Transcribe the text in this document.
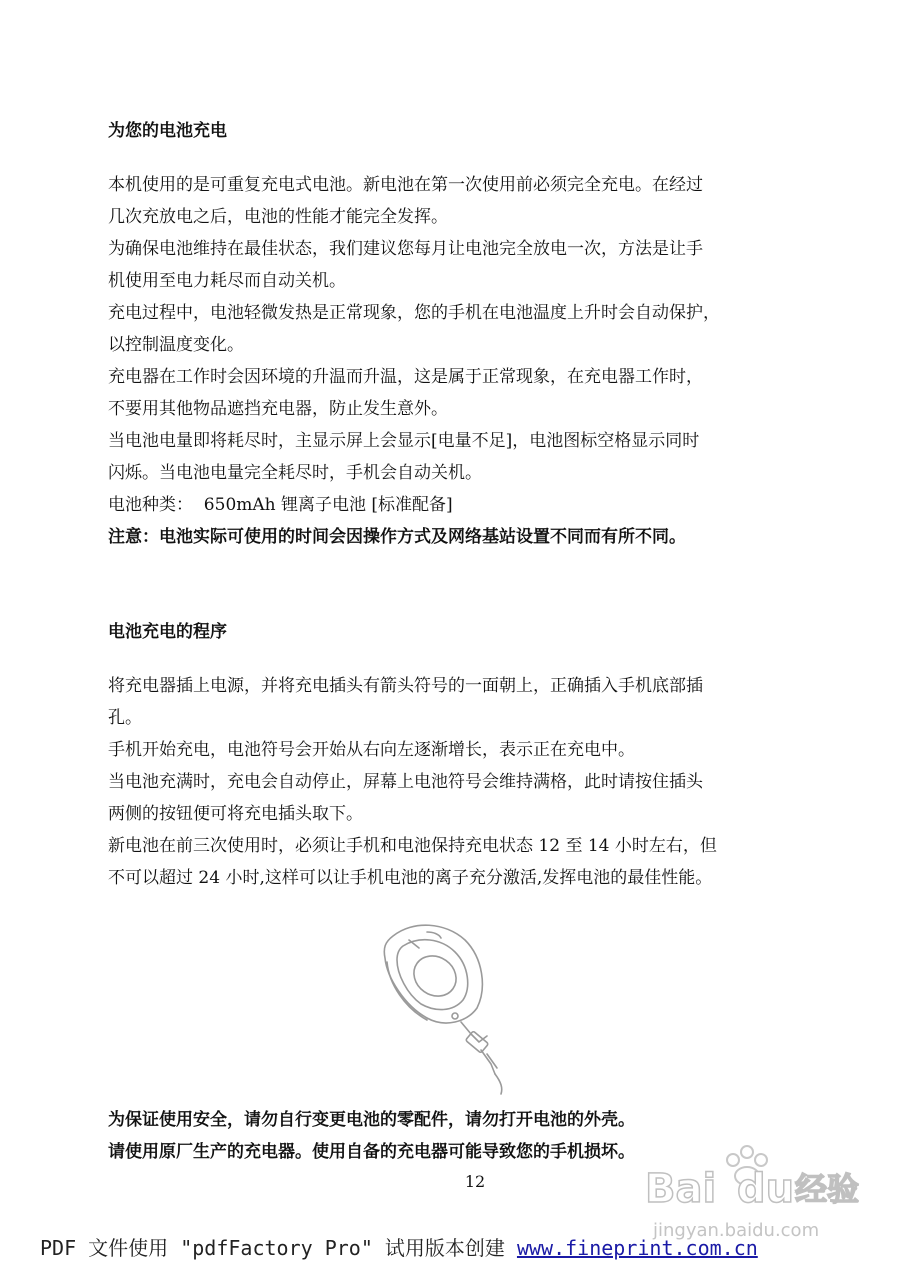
为您的电池充电
本机使用的是可重复充电式电池。新电池在第一次使用前必须完全充电。在经过
几次充放电之后，电池的性能才能完全发挥。
为确保电池维持在最佳状态，我们建议您每月让电池完全放电一次，方法是让手
机使用至电力耗尽而自动关机。
充电过程中，电池轻微发热是正常现象，您的手机在电池温度上升时会自动保护，
以控制温度变化。
充电器在工作时会因环境的升温而升温，这是属于正常现象，在充电器工作时，
不要用其他物品遮挡充电器，防止发生意外。
当电池电量即将耗尽时，主显示屏上会显示[电量不足]，电池图标空格显示同时
闪烁。当电池电量完全耗尽时，手机会自动关机。
电池种类：  650mAh 锂离子电池 [标准配备]
注意：电池实际可使用的时间会因操作方式及网络基站设置不同而有所不同。
电池充电的程序
将充电器插上电源，并将充电插头有箭头符号的一面朝上，正确插入手机底部插
孔。
手机开始充电，电池符号会开始从右向左逐渐增长，表示正在充电中。
当电池充满时，充电会自动停止，屏幕上电池符号会维持满格，此时请按住插头
两侧的按钮便可将充电插头取下。
新电池在前三次使用时，必须让手机和电池保持充电状态 12 至 14 小时左右，但
不可以超过 24 小时,这样可以让手机电池的离子充分激活,发挥电池的最佳性能。
为保证使用安全，请勿自行变更电池的零配件，请勿打开电池的外壳。
请使用原厂生产的充电器。使用自备的充电器可能导致您的手机损坏。
12	Bai du 经验
jingyan.baidu.com
PDF 文件使用 "pdfFactory Pro" 试用版本创建 www.fineprint.com.cn
